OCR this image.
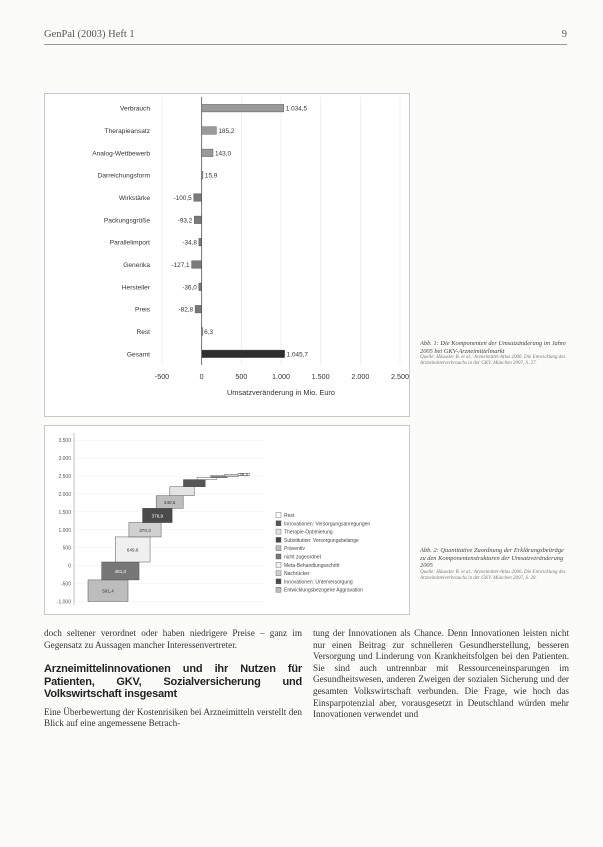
GenPal (2003) Heft 1	9
-500	0	500	1.000	1.500	2.000	2.500
Verbrauch	1.034,5
Therapieansatz	185,2
Analog-Wettbewerb	143,0
Darreichungsform	15,9
Wirkstärke	-100,5
Packungsgröße	-93,2
Parallelimport	-34,8
Generika	-127,1
Hersteller	-36,0
Preis	-82,8
Rest	6,3
Gesamt	1.045,7
Umsatzveränderung in Mio. Euro
3.500
3.000
2.500
2.000
1.500
1.000
500
0
-500
-1.000
591,4
481,3
649,8
370,3
378,9
340,5
39,2
Rest
Innovationen: Versorgungsanregungen
Therapie-Optimierung
Substitution: Versorgungsbelange
Präventiv
nicht zugeordnet
Meta-Behandlungsschritt
Nachrücker
Innovationen: Unterversorgung
Entwicklungsbezogene Aggravation
Abb. 1: Die Komponenten der Umsatzänderung im Jahre 2005 bei GKV-Arzneimittelmarkt
Quelle: Häussler B. et al.: Arzneimittel-Atlas 2006. Die Entwicklung des Arzneimittelverbrauchs in der GKV. München 2007, S. 27.
Abb. 2: Quantitative Zuordnung der Erklärungsbeiträge zu den Komponentenstrukturen der Umsatzveränderung 2005
Quelle: Häussler B. et al.: Arzneimittel-Atlas 2006. Die Entwicklung des Arzneimittelverbrauchs in der GKV. München 2007, S. 28.
doch seltener verordnet oder haben niedrigere Preise – ganz im Gegensatz zu Aussagen mancher Interessenvertreter.
Arzneimittelinnovationen und ihr Nutzen für Patienten, GKV, Sozialversicherung und Volkswirtschaft insgesamt
Eine Überbewertung der Kostenrisiken bei Arzneimitteln verstellt den Blick auf eine angemessene Betrach-
tung der Innovationen als Chance. Denn Innovationen leisten nicht nur einen Beitrag zur schnelleren Gesundherstellung, besseren Versorgung und Linderung von Krankheitsfolgen bei den Patienten. Sie sind auch untrennbar mit Ressourceneinsparungen im Gesundheitswesen, anderen Zweigen der sozialen Sicherung und der gesamten Volkswirtschaft verbunden. Die Frage, wie hoch das Einsparpotenzial aber, vorausgesetzt in Deutschland würden mehr Innovationen verwendet und
